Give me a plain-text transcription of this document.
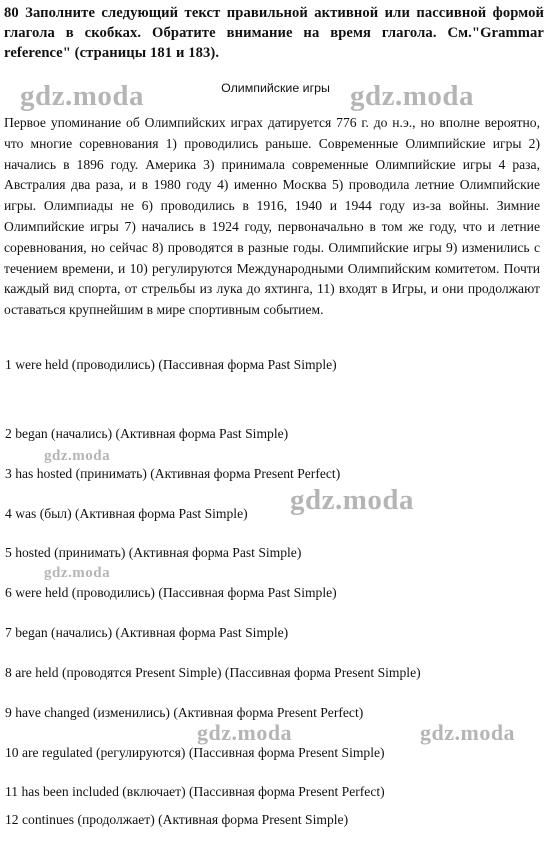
80 Заполните следующий текст правильной активной или пассивной формой глагола в скобках. Обратите внимание на время глагола. См."Grammar reference" (страницы 181 и 183).
Олимпийские игры

Первое упоминание об Олимпийских играх датируется 776 г. до н.э., но вполне вероятно, что многие соревнования 1) проводились раньше. Современные Олимпийские игры 2) начались в 1896 году. Америка 3) принимала современные Олимпийские игры 4 раза, Австралия два раза, и в 1980 году 4) именно Москва 5) проводила летние Олимпийские игры. Олимпиады не 6) проводились в 1916, 1940 и 1944 году из-за войны. Зимние Олимпийские игры 7) начались в 1924 году, первоначально в том же году, что и летние соревнования, но сейчас 8) проводятся в разные годы. Олимпийские игры 9) изменились с течением времени, и 10) регулируются Международными Олимпийским комитетом. Почти каждый вид спорта, от стрельбы из лука до яхтинга, 11) входят в Игры, и они продолжают оставаться крупнейшим в мире спортивным событием.

1 were held (проводились) (Пассивная форма Past Simple)
2 began (начались) (Активная форма Past Simple)
3 has hosted (принимать) (Активная форма Present Perfect)
4 was (был) (Активная форма Past Simple)
5 hosted (принимать) (Активная форма Past Simple)
6 were held (проводились) (Пассивная форма Past Simple)
7 began (начались) (Активная форма Past Simple)
8 are held (проводятся Present Simple) (Пассивная форма Present Simple)
9 have changed (изменились) (Активная форма Present Perfect)
10 are regulated (регулируются) (Пассивная форма Present Simple)
11 has been included (включает) (Пассивная форма Present Perfect)
12 continues (продолжает) (Активная форма Present Simple)
gdz.moda	gdz.moda
gdz.moda
gdz.moda
gdz.moda
gdz.moda	gdz.moda
